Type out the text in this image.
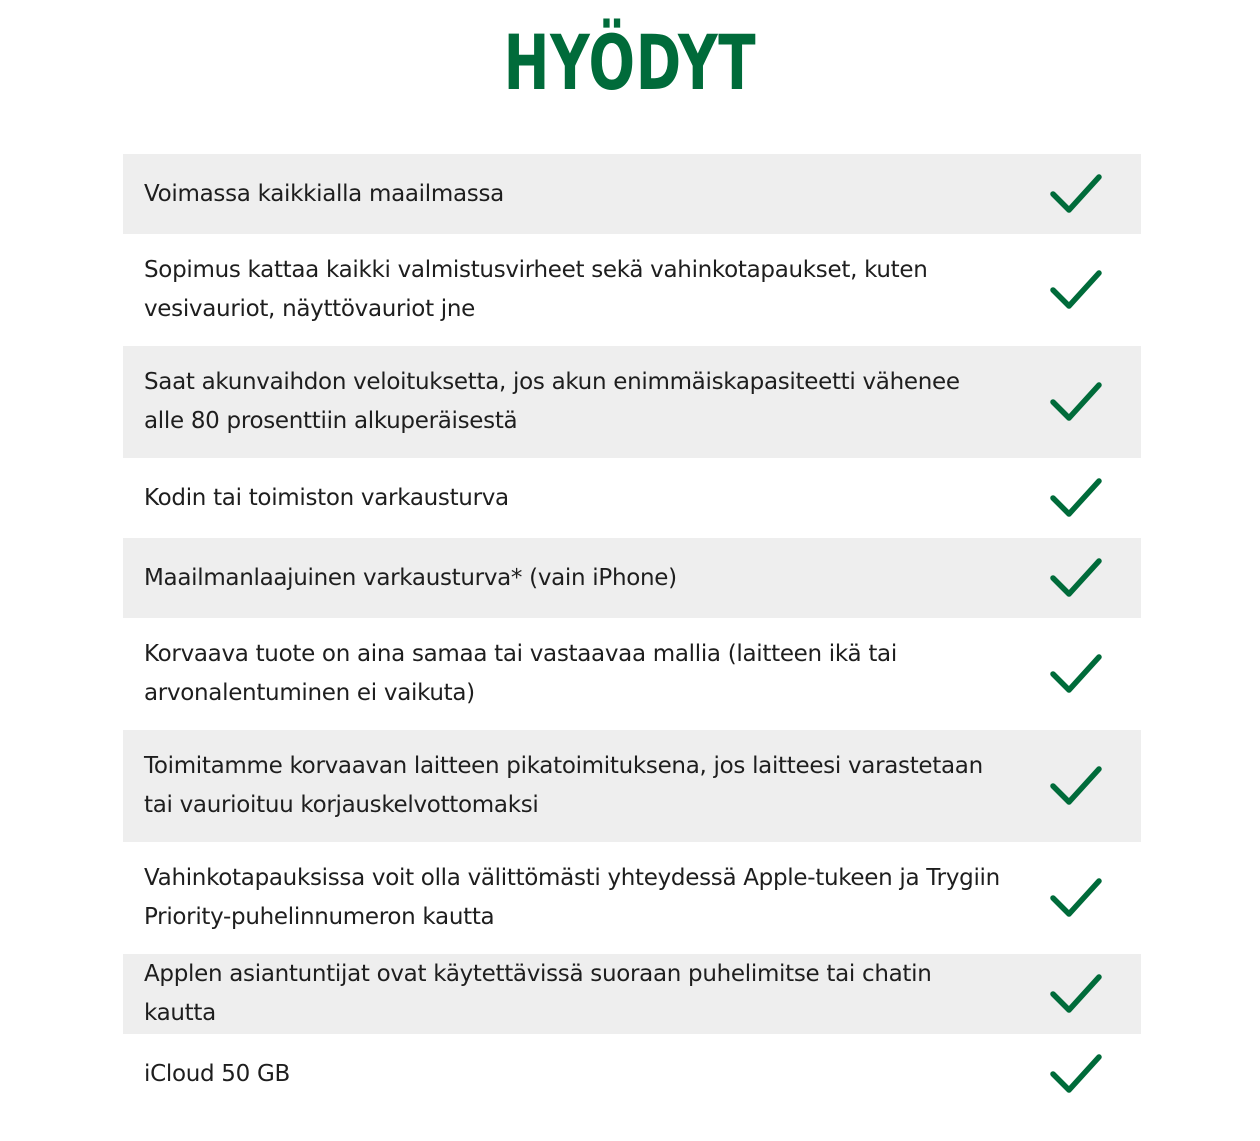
HYÖDYT
Voimassa kaikkialla maailmassa
Sopimus kattaa kaikki valmistusvirheet sekä vahinkotapaukset, kuten vesivauriot, näyttövauriot jne
Saat akunvaihdon veloituksetta, jos akun enimmäiskapasiteetti vähenee alle 80 prosenttiin alkuperäisestä
Kodin tai toimiston varkausturva
Maailmanlaajuinen varkausturva* (vain iPhone)
Korvaava tuote on aina samaa tai vastaavaa mallia (laitteen ikä tai arvonalentuminen ei vaikuta)
Toimitamme korvaavan laitteen pikatoimituksena, jos laitteesi varastetaan tai vaurioituu korjauskelvottomaksi
Vahinkotapauksissa voit olla välittömästi yhteydessä Apple-tukeen ja Trygiin Priority-puhelinnumeron kautta
Applen asiantuntijat ovat käytettävissä suoraan puhelimitse tai chatin kautta
iCloud 50 GB
